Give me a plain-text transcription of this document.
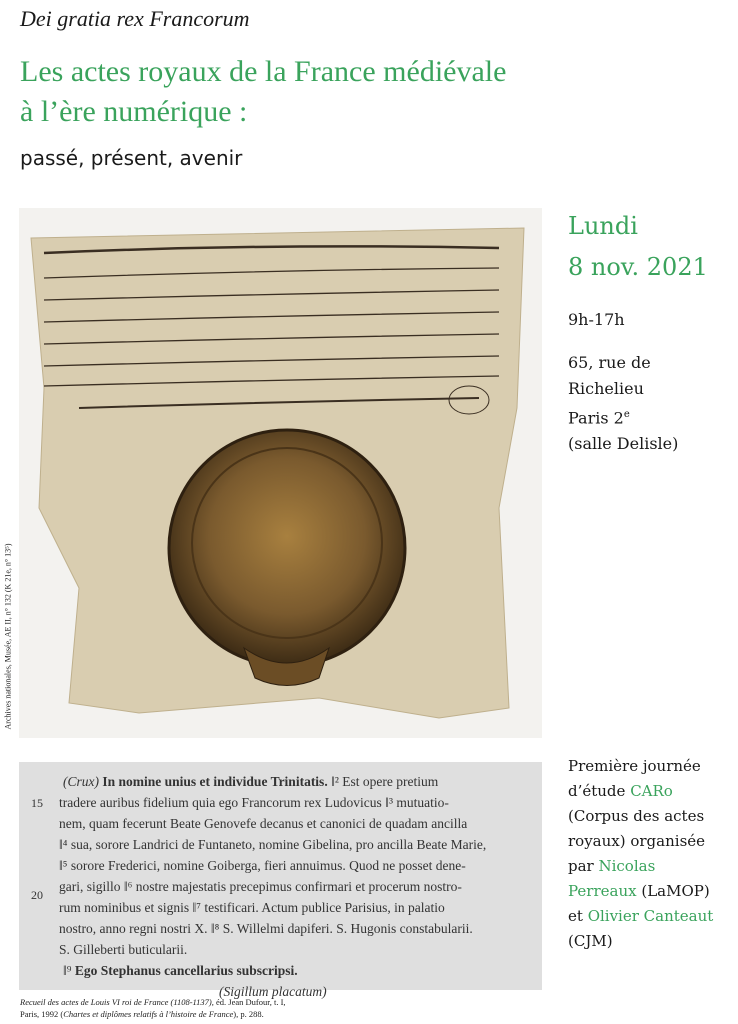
Dei gratia rex Francorum
Les actes royaux de la France médiévale
à l’ère numérique :
passé, présent, avenir
Archives nationales, Musée, AE II, n° 132 (K 21e, n° 13⁵)
Lundi
8 nov. 2021
9h-17h
65, rue de
Richelieu
Paris 2e
(salle Delisle)
15
20
(Crux) In nomine unius et individue Trinitatis. ‖² Est opere pretium
tradere auribus fidelium quia ego Francorum rex Ludovicus ‖³ mutuatio-
nem, quam fecerunt Beate Genovefe decanus et canonici de quadam ancilla
‖⁴ sua, sorore Landrici de Funtaneto, nomine Gibelina, pro ancilla Beate Marie,
‖⁵ sorore Frederici, nomine Goiberga, fieri annuimus. Quod ne posset dene-
gari, sigillo ‖⁶ nostre majestatis precepimus confirmari et procerum nostro-
rum nominibus et signis ‖⁷ testificari. Actum publice Parisius, in palatio
nostro, anno regni nostri X. ‖⁸ S. Willelmi dapiferi. S. Hugonis constabularii.
S. Gilleberti buticularii.
‖⁹ Ego Stephanus cancellarius subscripsi.
(Sigillum placatum)
Recueil des actes de Louis VI roi de France (1108-1137), éd. Jean Dufour, t. I,
Paris, 1992 (Chartes et diplômes relatifs à l’histoire de France), p. 288.
Première journée
d’étude CARo
(Corpus des actes
royaux) organisée
par Nicolas
Perreaux (LaMOP)
et Olivier Canteaut
(CJM)
